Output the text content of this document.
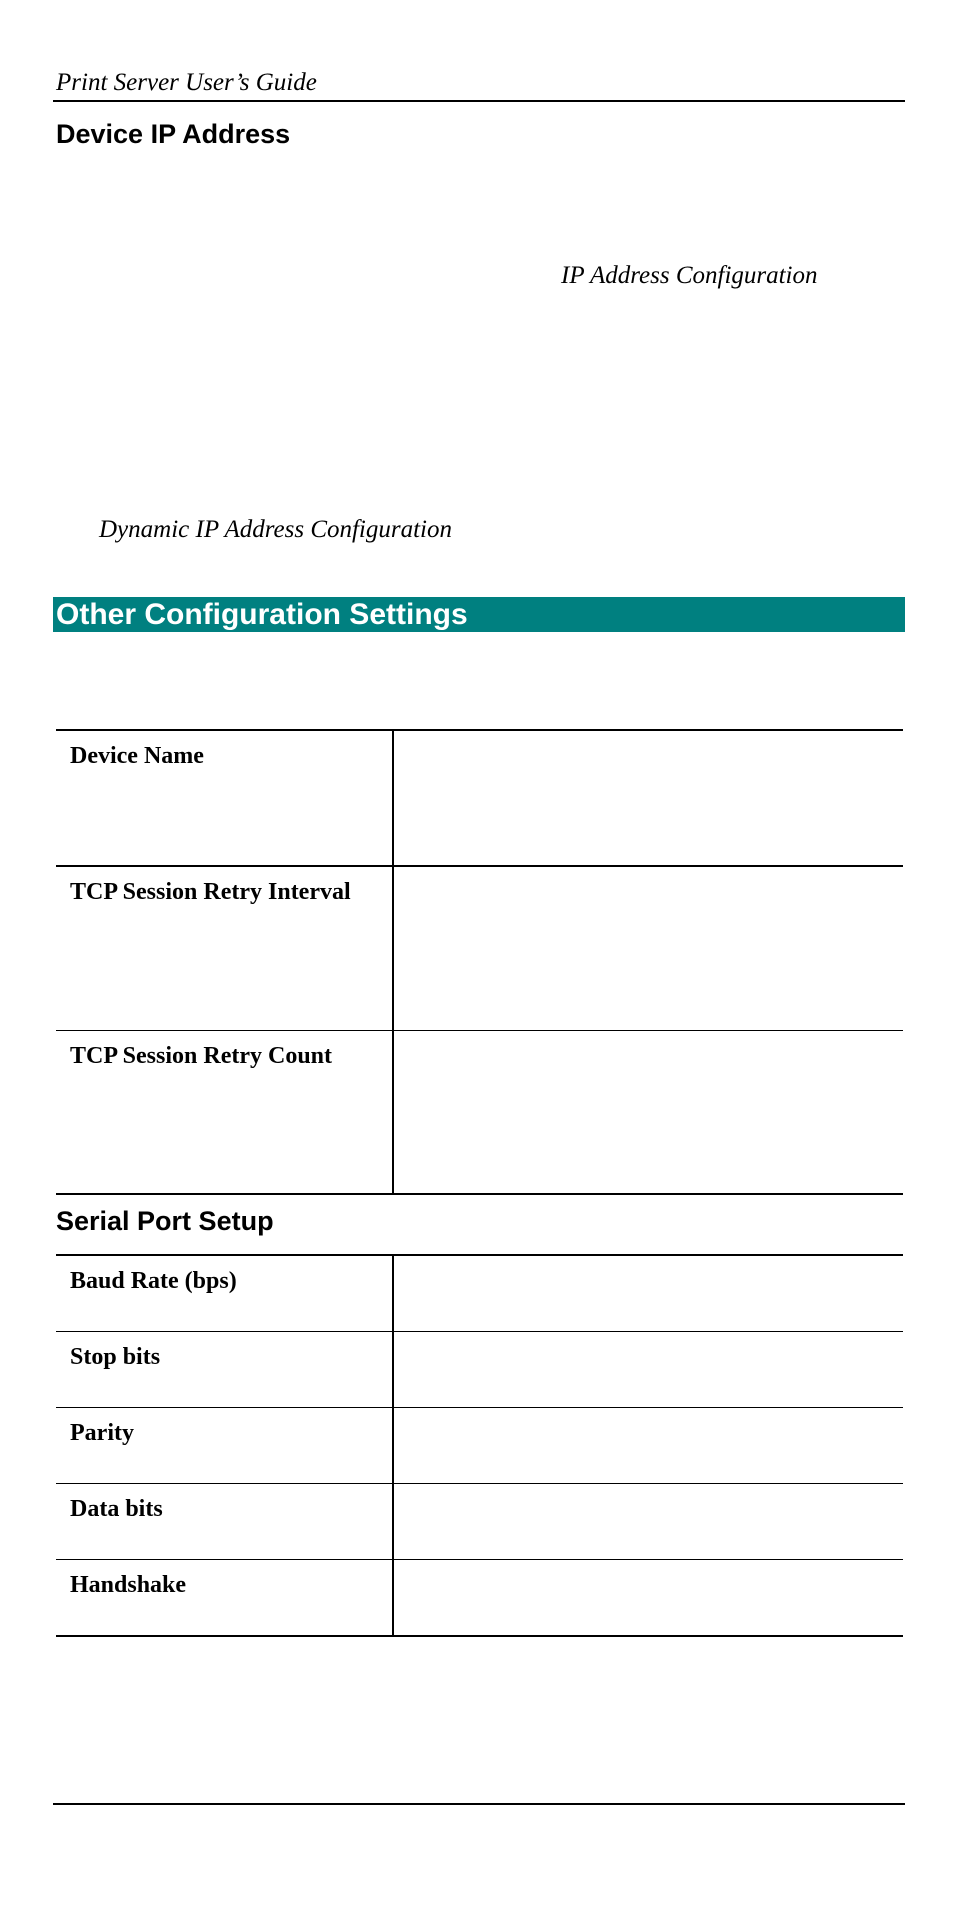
Print Server User’s Guide
Device IP Address
IP Address Configuration
Dynamic IP Address Configuration
Other Configuration Settings
Device Name	
TCP Session Retry Interval	
TCP Session Retry Count	
Serial Port Setup
Baud Rate (bps)	
Stop bits	
Parity	
Data bits	
Handshake	
